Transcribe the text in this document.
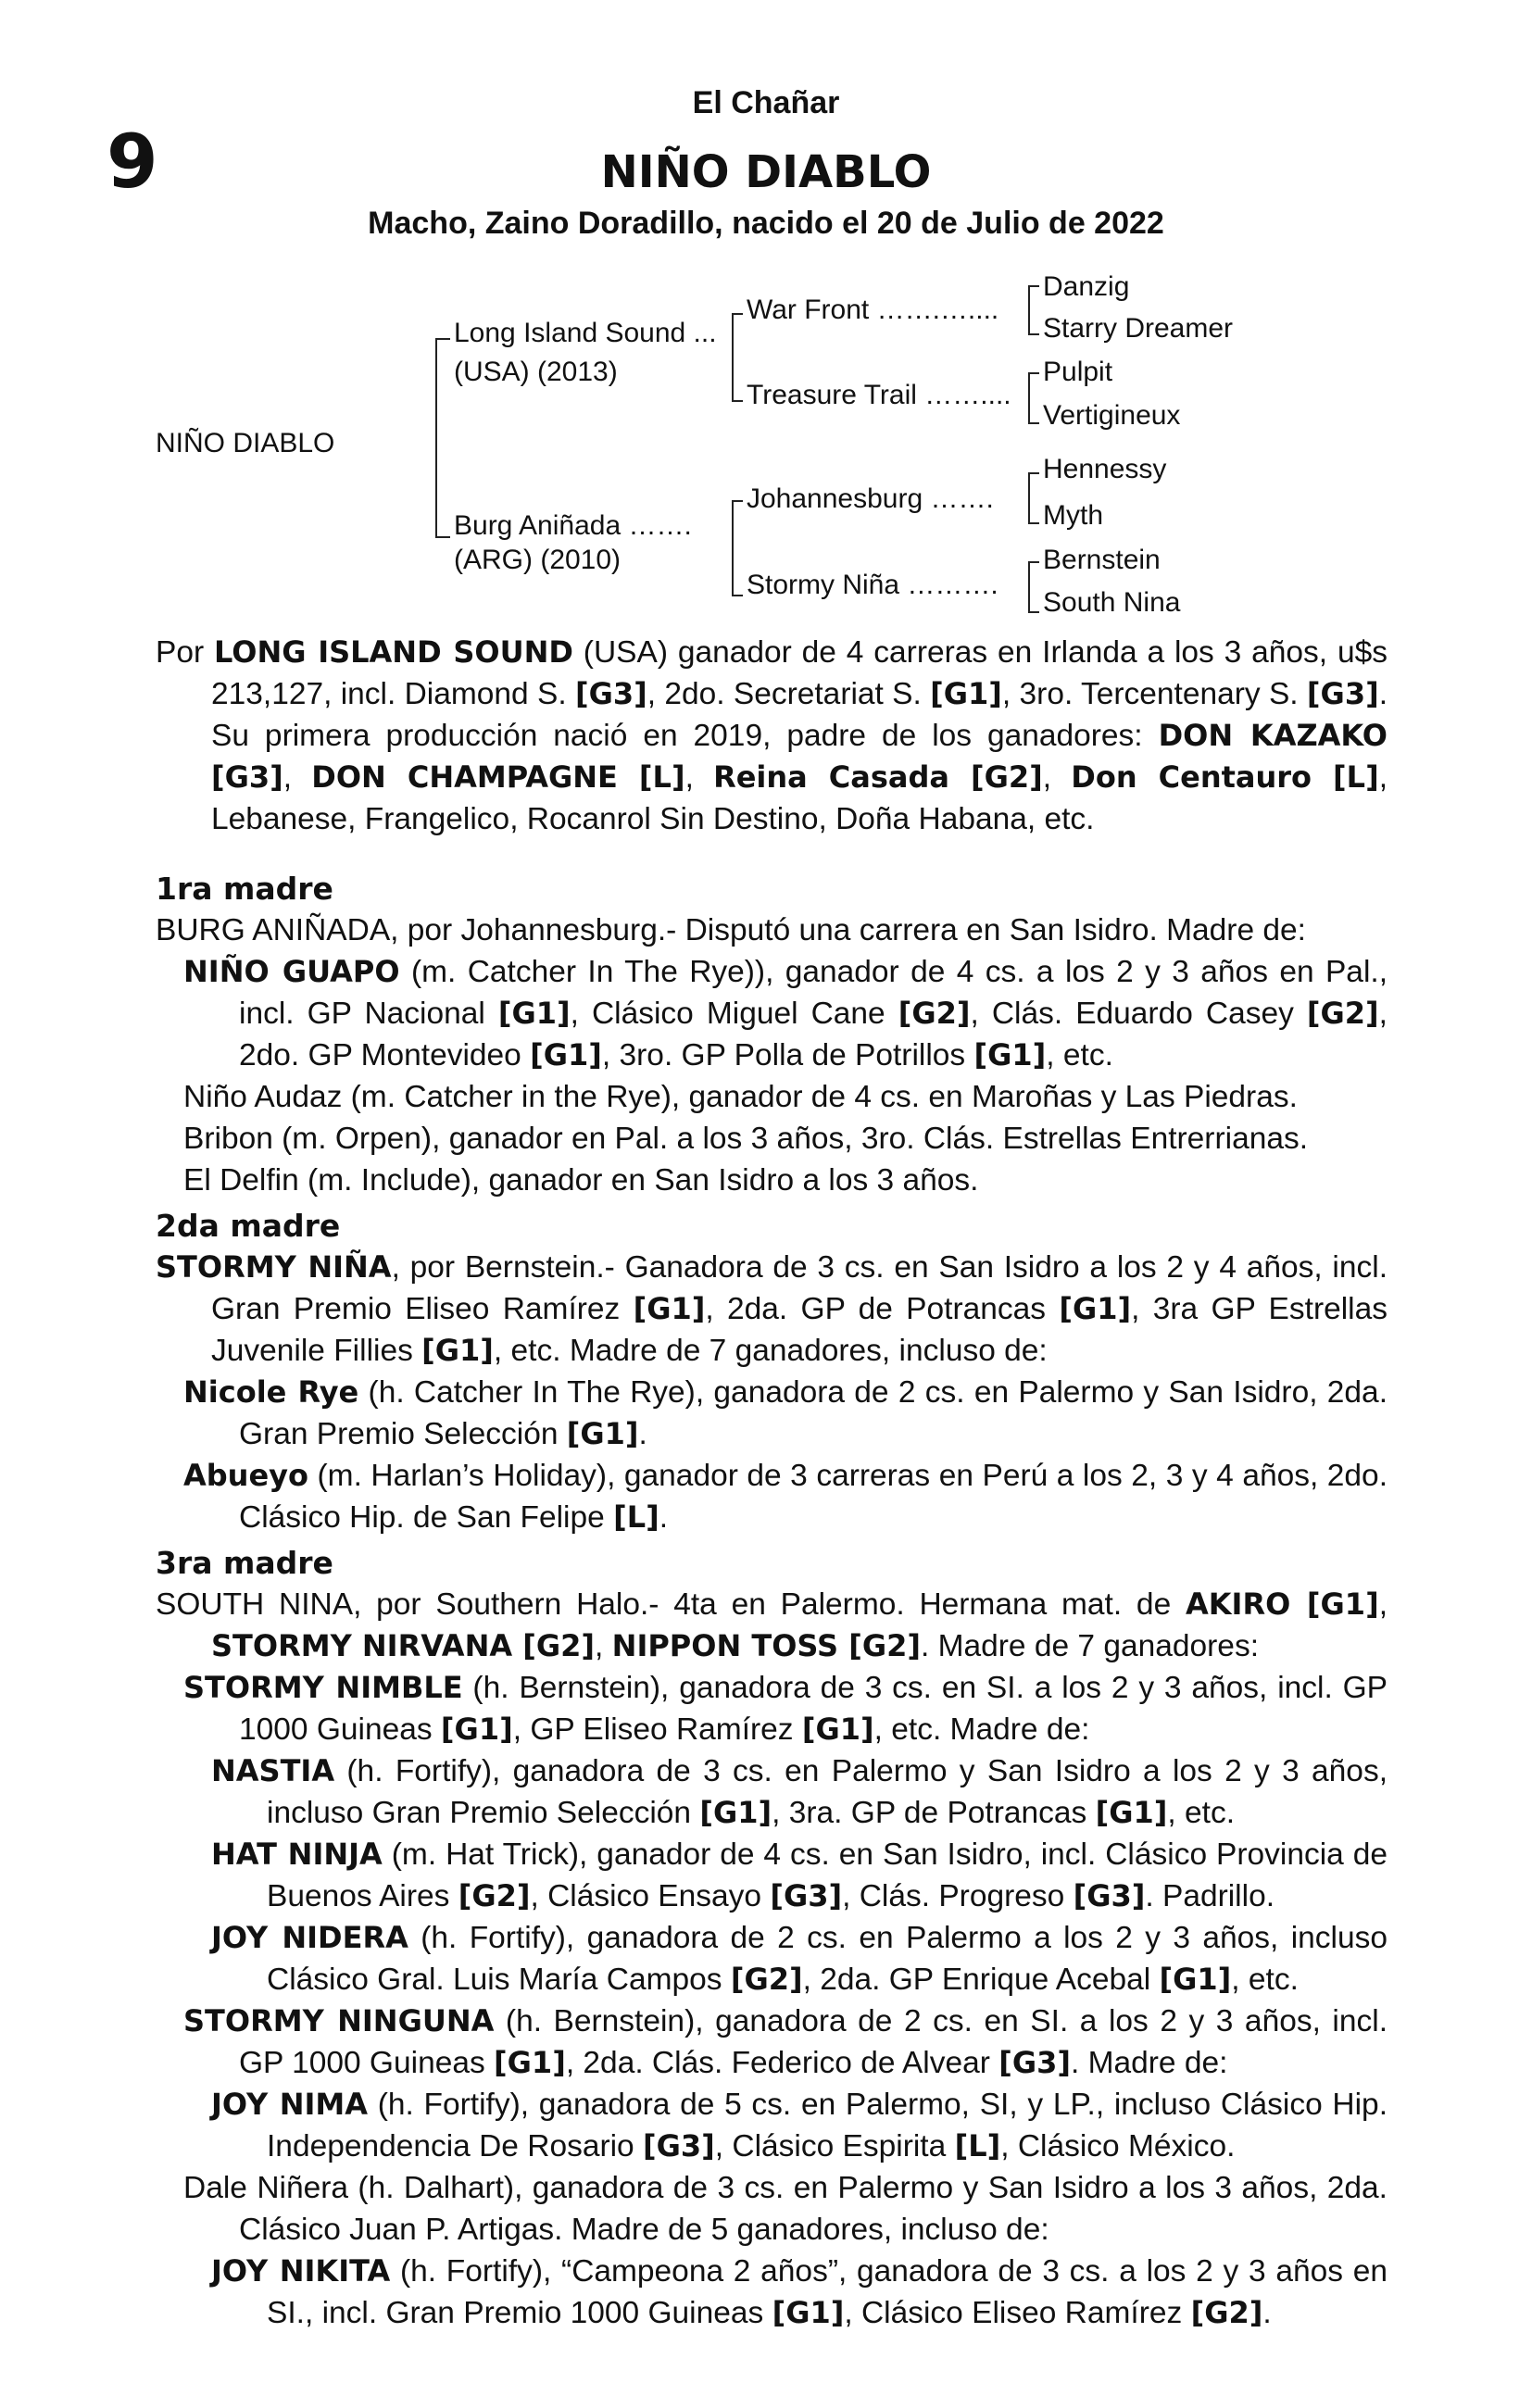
9
El Chañar
NIÑO DIABLO
Macho, Zaino Doradillo, nacido el 20 de Julio de 2022
NIÑO DIABLO
Long Island Sound ...
(USA) (2013)
Burg Aniñada …….
(ARG) (2010)
War Front …….…....
Treasure Trail ……....
Johannesburg …….
Stormy Niña ……….
Danzig
Starry Dreamer
Pulpit
Vertigineux
Hennessy
Myth
Bernstein
South Nina

Por LONG ISLAND SOUND (USA) ganador de 4 carreras en Irlanda a los 3 años, u$s 213,127, incl. Diamond S. [G3], 2do. Secretariat S. [G1], 3ro. Tercentenary S. [G3]. Su primera producción nació en 2019, padre de los ganadores: DON KAZAKO [G3], DON CHAMPAGNE [L], Reina Casada [G2], Don Centauro [L], Lebanese, Frangelico, Rocanrol Sin Destino, Doña Habana, etc.

1ra madre

BURG ANIÑADA, por Johannesburg.- Disputó una carrera en San Isidro. Madre de:

NIÑO GUAPO (m. Catcher In The Rye)), ganador de 4 cs. a los 2 y 3 años en Pal., incl. GP Nacional [G1], Clásico Miguel Cane [G2], Clás. Eduardo Casey [G2], 2do. GP Montevideo [G1], 3ro. GP Polla de Potrillos [G1], etc.

Niño Audaz (m. Catcher in the Rye), ganador de 4 cs. en Maroñas y Las Piedras.

Bribon (m. Orpen), ganador en Pal. a los 3 años, 3ro. Clás. Estrellas Entrerrianas.

El Delfin (m. Include), ganador en San Isidro a los 3 años.

2da madre

STORMY NIÑA, por Bernstein.- Ganadora de 3 cs. en San Isidro a los 2 y 4 años, incl. Gran Premio Eliseo Ramírez [G1], 2da. GP de Potrancas [G1], 3ra GP Estrellas Juvenile Fillies [G1], etc. Madre de 7 ganadores, incluso de:

Nicole Rye (h. Catcher In The Rye), ganadora de 2 cs. en Palermo y San Isidro, 2da. Gran Premio Selección [G1].

Abueyo (m. Harlan’s Holiday), ganador de 3 carreras en Perú a los 2, 3 y 4 años, 2do. Clásico Hip. de San Felipe [L].

3ra madre

SOUTH NINA, por Southern Halo.- 4ta en Palermo. Hermana mat. de AKIRO [G1], STORMY NIRVANA [G2], NIPPON TOSS [G2]. Madre de 7 ganadores:

STORMY NIMBLE (h. Bernstein), ganadora de 3 cs. en SI. a los 2 y 3 años, incl. GP 1000 Guineas [G1], GP Eliseo Ramírez [G1], etc. Madre de:

NASTIA (h. Fortify), ganadora de 3 cs. en Palermo y San Isidro a los 2 y 3 años, incluso Gran Premio Selección [G1], 3ra. GP de Potrancas [G1], etc.

HAT NINJA (m. Hat Trick), ganador de 4 cs. en San Isidro, incl. Clásico Provincia de Buenos Aires [G2], Clásico Ensayo [G3], Clás. Progreso [G3]. Padrillo.

JOY NIDERA (h. Fortify), ganadora de 2 cs. en Palermo a los 2 y 3 años, incluso Clásico Gral. Luis María Campos [G2], 2da. GP Enrique Acebal [G1], etc.

STORMY NINGUNA (h. Bernstein), ganadora de 2 cs. en SI. a los 2 y 3 años, incl. GP 1000 Guineas [G1], 2da. Clás. Federico de Alvear [G3]. Madre de:

JOY NIMA (h. Fortify), ganadora de 5 cs. en Palermo, SI, y LP., incluso Clásico Hip. Independencia De Rosario [G3], Clásico Espirita [L], Clásico México.

Dale Niñera (h. Dalhart), ganadora de 3 cs. en Palermo y San Isidro a los 3 años, 2da. Clásico Juan P. Artigas. Madre de 5 ganadores, incluso de:

JOY NIKITA (h. Fortify), “Campeona 2 años”, ganadora de 3 cs. a los 2 y 3 años en SI., incl. Gran Premio 1000 Guineas [G1], Clásico Eliseo Ramírez [G2].
